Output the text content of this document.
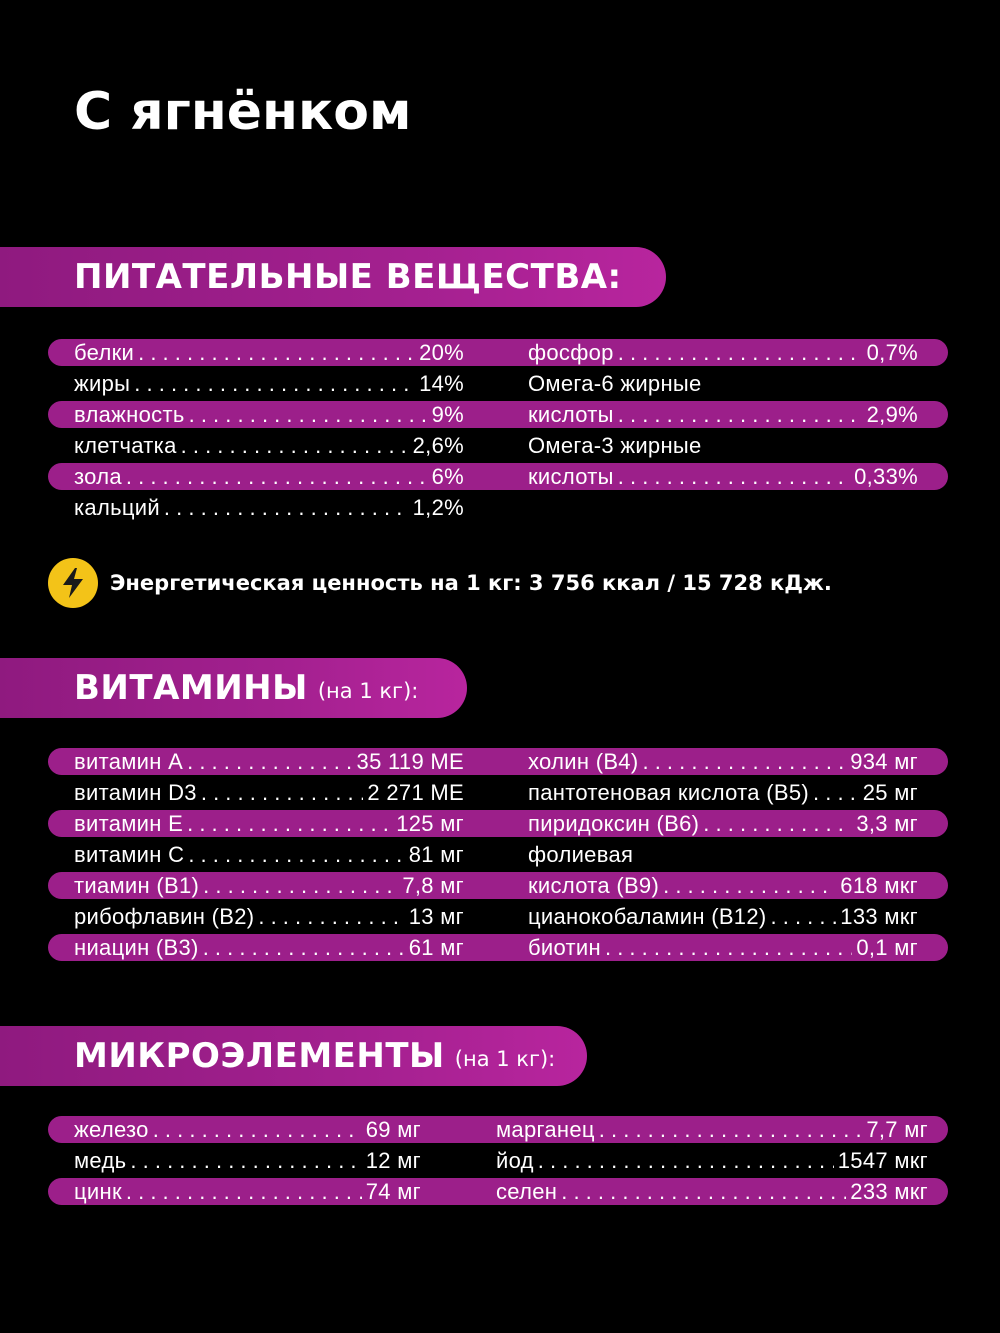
С ягнёнком
ПИТАТЕЛЬНЫЕ ВЕЩЕСТВА:
белки . . .	20%
жиры . . .	14%
влажность . . .	9%
клетчатка . . .	2,6%
зола . . .	6%
кальций . . .	1,2%
фосфор . . .	0,7%
Омега-6 жирные
кислоты . . .	2,9%
Омега-3 жирные
кислоты . . .	0,33%
Энергетическая ценность на 1 кг: 3 756 ккал / 15 728 кДж.
ВИТАМИНЫ (на 1 кг):
витамин А . . .	35 119 МЕ
витамин D3 . . .	2 271 МЕ
витамин Е . . .	125 мг
витамин С . . .	81 мг
тиамин (В1) . . .	7,8 мг
рибофлавин (В2) . . .	13 мг
ниацин (В3) . . .	61 мг
холин (В4) . . .	934 мг
пантотеновая кислота (В5) . . . 25 мг
пиридоксин (В6) . . .	3,3 мг
фолиевая
кислота (В9) . . .	618 мкг
цианокобаламин (В12) . . .	133 мкг
биотин . . .	0,1 мг
МИКРОЭЛЕМЕНТЫ (на 1 кг):
железо . . .	69 мг
медь . . .	12 мг
цинк . . .	74 мг
марганец . . .	7,7 мг
йод . . .	1547 мкг
селен . . .	233 мкг
